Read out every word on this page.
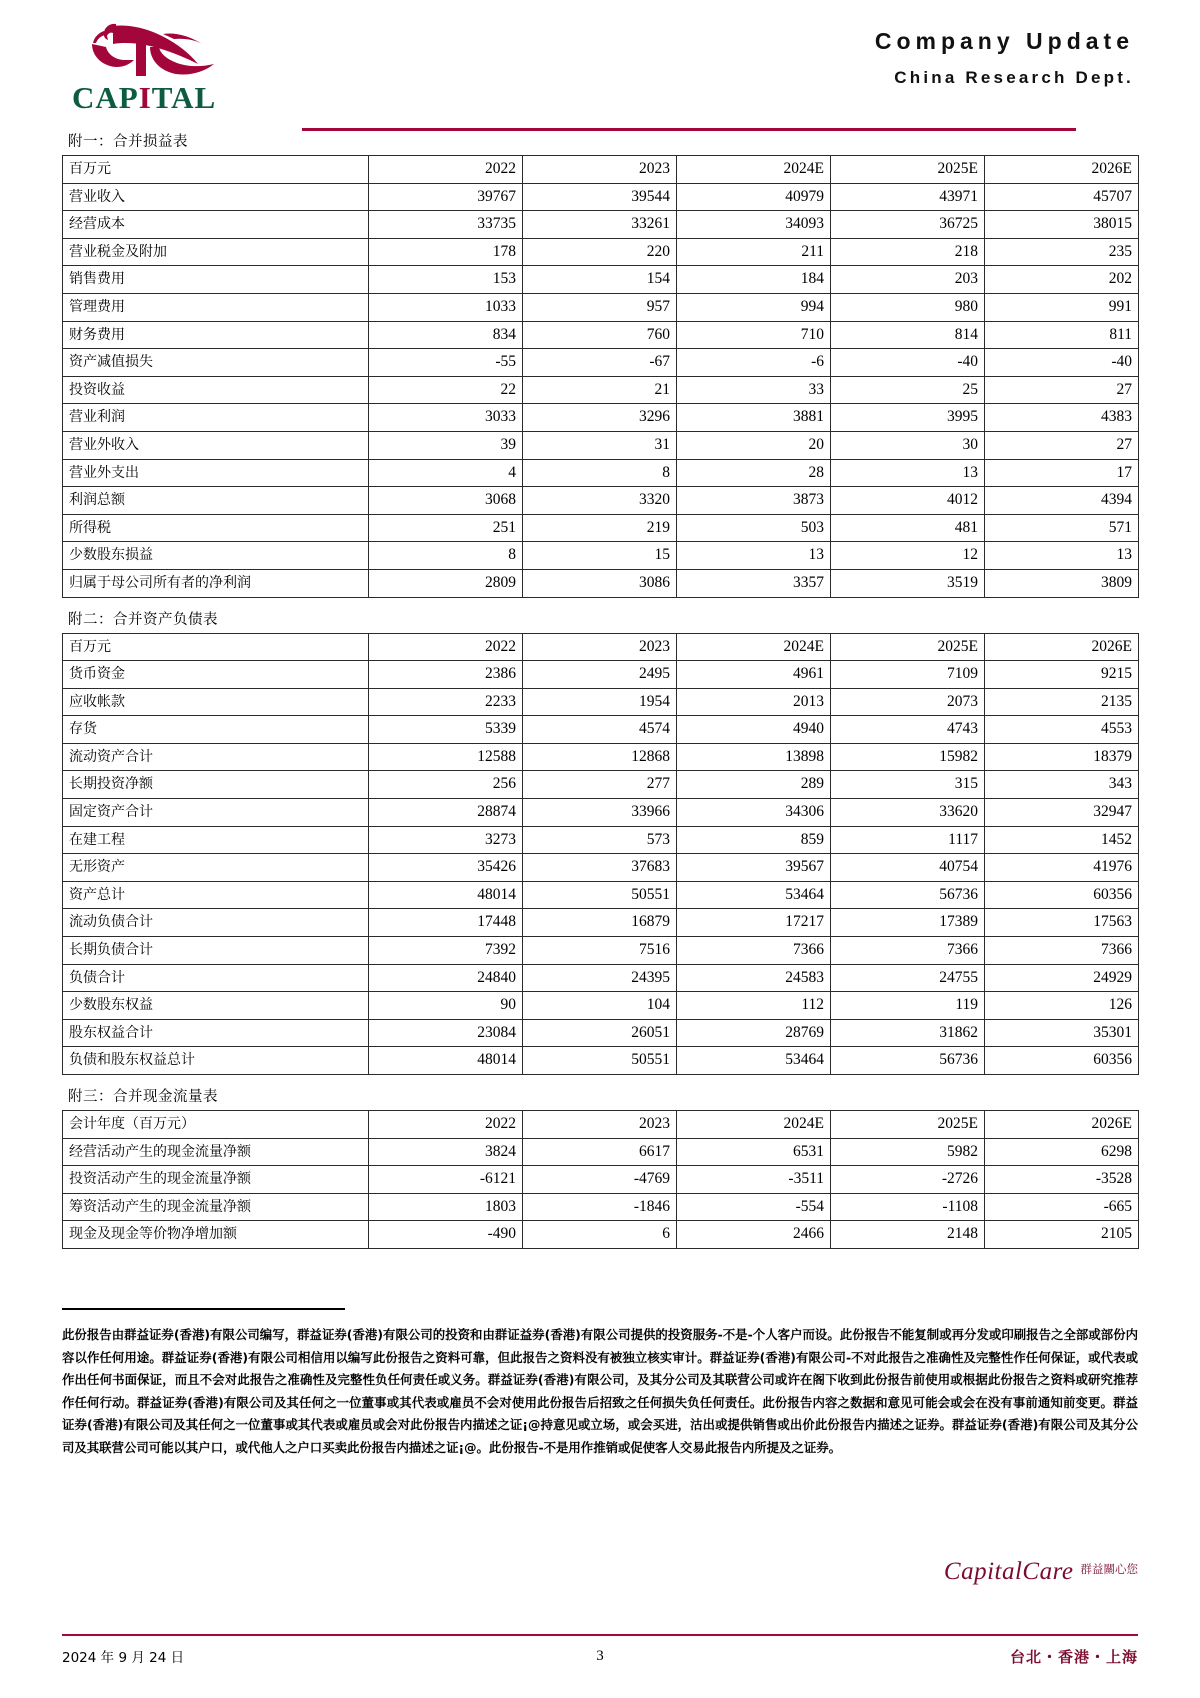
CAPITAL
Company Update
China Research Dept.
附一：合并损益表
百万元	2022	2023	2024E	2025E	2026E
营业收入	39767	39544	40979	43971	45707
经营成本	33735	33261	34093	36725	38015
营业税金及附加	178	220	211	218	235
销售费用	153	154	184	203	202
管理费用	1033	957	994	980	991
财务费用	834	760	710	814	811
资产减值损失	-55	-67	-6	-40	-40
投资收益	22	21	33	25	27
营业利润	3033	3296	3881	3995	4383
营业外收入	39	31	20	30	27
营业外支出	4	8	28	13	17
利润总额	3068	3320	3873	4012	4394
所得税	251	219	503	481	571
少数股东损益	8	15	13	12	13
归属于母公司所有者的净利润	2809	3086	3357	3519	3809
附二：合并资产负债表
百万元	2022	2023	2024E	2025E	2026E
货币资金	2386	2495	4961	7109	9215
应收帐款	2233	1954	2013	2073	2135
存货	5339	4574	4940	4743	4553
流动资产合计	12588	12868	13898	15982	18379
长期投资净额	256	277	289	315	343
固定资产合计	28874	33966	34306	33620	32947
在建工程	3273	573	859	1117	1452
无形资产	35426	37683	39567	40754	41976
资产总计	48014	50551	53464	56736	60356
流动负债合计	17448	16879	17217	17389	17563
长期负债合计	7392	7516	7366	7366	7366
负债合计	24840	24395	24583	24755	24929
少数股东权益	90	104	112	119	126
股东权益合计	23084	26051	28769	31862	35301
负债和股东权益总计	48014	50551	53464	56736	60356
附三：合并现金流量表
会计年度（百万元）	2022	2023	2024E	2025E	2026E
经营活动产生的现金流量净额	3824	6617	6531	5982	6298
投资活动产生的现金流量净额	-6121	-4769	-3511	-2726	-3528
筹资活动产生的现金流量净额	1803	-1846	-554	-1108	-665
现金及现金等价物净增加额	-490	6	2466	2148	2105
此份报告由群益证券(香港)有限公司编写，群益证券(香港)有限公司的投资和由群证益券(香港)有限公司提供的投资服务-不是-个人客户而设。此份报告不能复制或再分发或印刷报告之全部或部份内容以作任何用途。群益证券(香港)有限公司相信用以编写此份报告之资料可靠，但此报告之资料没有被独立核实审计。群益证券(香港)有限公司-不对此报告之准确性及完整性作任何保证，或代表或作出任何书面保证，而且不会对此报告之准确性及完整性负任何责任或义务。群益证券(香港)有限公司，及其分公司及其联营公司或许在阁下收到此份报告前使用或根据此份报告之资料或研究推荐作任何行动。群益证券(香港)有限公司及其任何之一位董事或其代表或雇员不会对使用此份报告后招致之任何损失负任何责任。此份报告内容之数据和意见可能会或会在没有事前通知前变更。群益证券(香港)有限公司及其任何之一位董事或其代表或雇员或会对此份报告内描述之证¡@持意见或立场，或会买进，沽出或提供销售或出价此份报告内描述之证券。群益证券(香港)有限公司及其分公司及其联营公司可能以其户口，或代他人之户口买卖此份报告内描述之证¡@。此份报告-不是用作推销或促使客人交易此报告内所提及之证券。
CapitalCare $^{群益關心您}$
2024 年 9 月 24 日	3	台北・香港・上海
